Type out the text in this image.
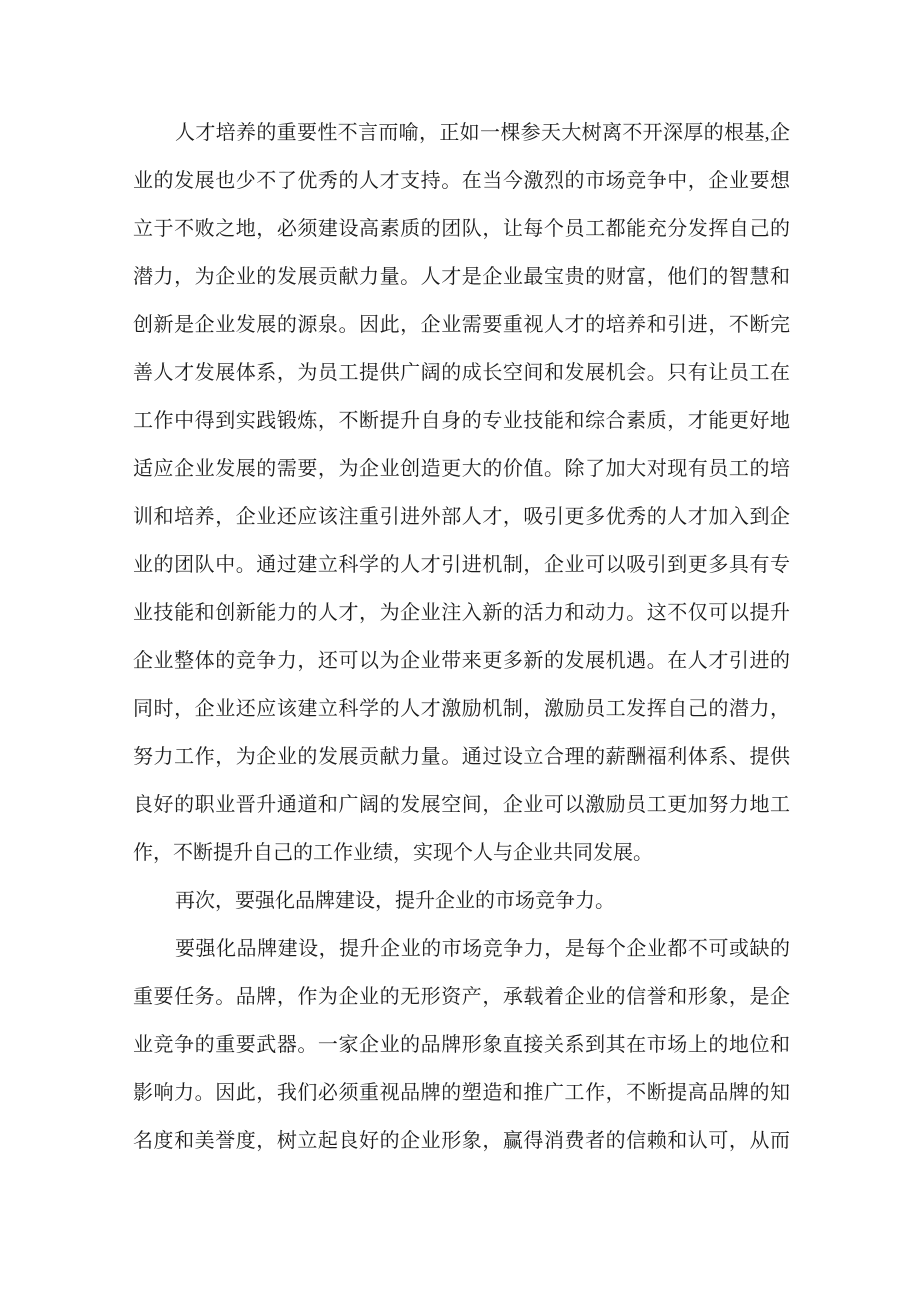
人才培养的重要性不言而喻，正如一棵参天大树离不开深厚的根基,企
业的发展也少不了优秀的人才支持。在当今激烈的市场竞争中，企业要想
立于不败之地，必须建设高素质的团队，让每个员工都能充分发挥自己的
潜力，为企业的发展贡献力量。人才是企业最宝贵的财富，他们的智慧和
创新是企业发展的源泉。因此，企业需要重视人才的培养和引进，不断完
善人才发展体系，为员工提供广阔的成长空间和发展机会。只有让员工在
工作中得到实践锻炼，不断提升自身的专业技能和综合素质，才能更好地
适应企业发展的需要，为企业创造更大的价值。除了加大对现有员工的培
训和培养，企业还应该注重引进外部人才，吸引更多优秀的人才加入到企
业的团队中。通过建立科学的人才引进机制，企业可以吸引到更多具有专
业技能和创新能力的人才，为企业注入新的活力和动力。这不仅可以提升
企业整体的竞争力，还可以为企业带来更多新的发展机遇。在人才引进的
同时，企业还应该建立科学的人才激励机制，激励员工发挥自己的潜力，
努力工作，为企业的发展贡献力量。通过设立合理的薪酬福利体系、提供
良好的职业晋升通道和广阔的发展空间，企业可以激励员工更加努力地工
作，不断提升自己的工作业绩，实现个人与企业共同发展。
再次，要强化品牌建设，提升企业的市场竞争力。
要强化品牌建设，提升企业的市场竞争力，是每个企业都不可或缺的
重要任务。品牌，作为企业的无形资产，承载着企业的信誉和形象，是企
业竞争的重要武器。一家企业的品牌形象直接关系到其在市场上的地位和
影响力。因此，我们必须重视品牌的塑造和推广工作，不断提高品牌的知
名度和美誉度，树立起良好的企业形象，赢得消费者的信赖和认可，从而
